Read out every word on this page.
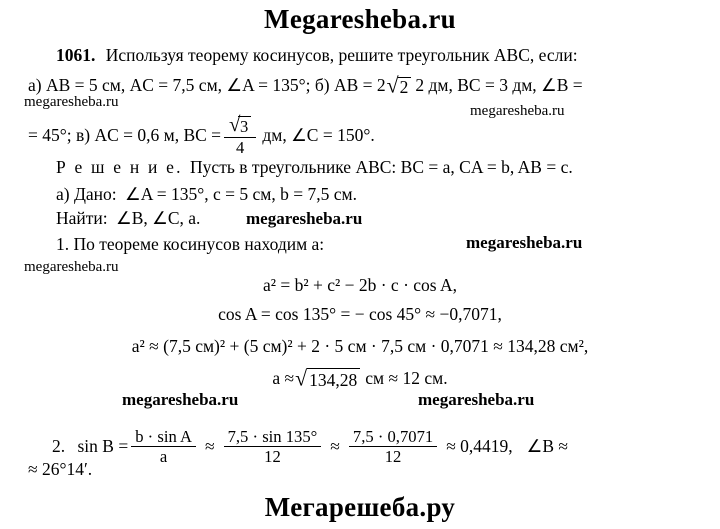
Megaresheba.ru
Мегарешеба.ру
megaresheba.ru
megaresheba.ru
megaresheba.ru
megaresheba.ru
megaresheba.ru
megaresheba.ru	megaresheba.ru
1061. Используя теорему косинусов, решите треугольник ABC, если:
а) AB = 5 см, AC = 7,5 см, ∠A = 135°; б) AB = 2 √ 2 2 дм, BC = 3 дм, ∠B =
= 45°; в) AC = 0,6 м, BC = $\frac{√ 3}{4}$ дм, ∠C = 150°.
Р е ш е н и е. Пусть в треугольнике ABC: BC = a, CA = b, AB = c.
а) Дано: ∠A = 135°, c = 5 см, b = 7,5 см.
Найти: ∠B, ∠C, a.
1. По теореме косинусов находим a:
a² = b² + c² − 2b · c · cos A,
cos A = cos 135° = − cos 45° ≈ −0,7071,
a² ≈ (7,5 см)² + (5 см)² + 2 · 5 см · 7,5 см · 0,7071 ≈ 134,28 см²,
a ≈ √ 134,28 см ≈ 12 см.
2. $\sin B = \frac{\text{b · sin A}}{a} \approx \frac{7,5 \cdot \sin 135^\circ}{12} \approx \frac{7,5 \cdot 0,7071}{12} \approx 0,4419$, ∠B ≈
≈ 26°14′.
